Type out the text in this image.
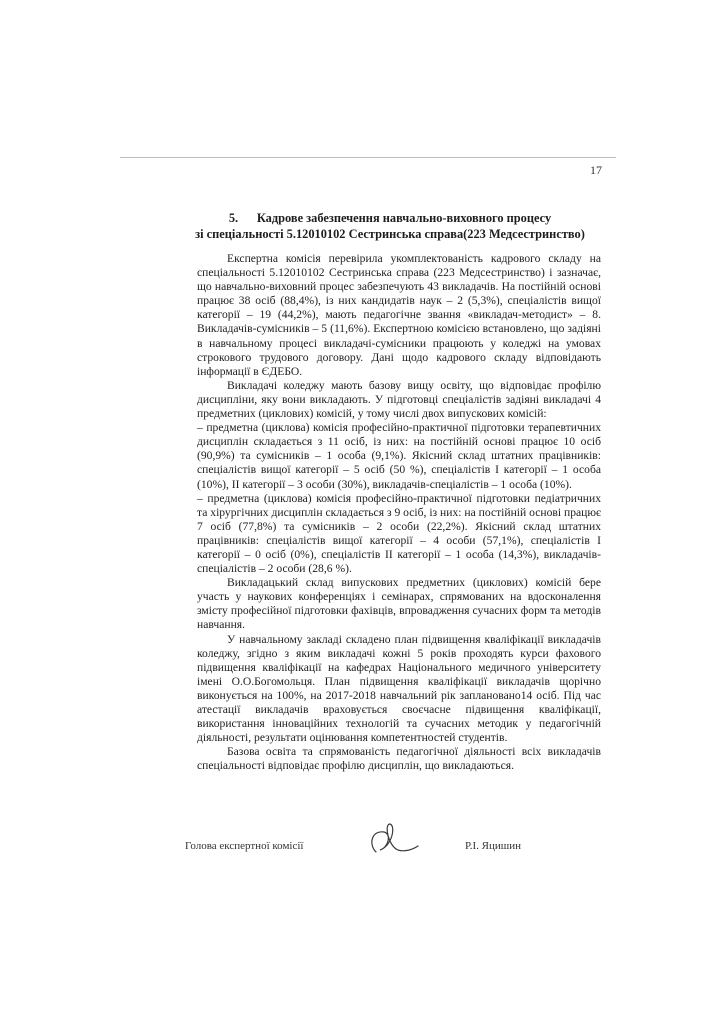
17
5. Кадрове забезпечення навчально-виховного процесу
зі спеціальності 5.12010102 Сестринська справа(223 Медсестринство)

Експертна комісія перевірила укомплектованість кадрового складу на спеціальності 5.12010102 Сестринська справа (223 Медсестринство) і зазначає, що навчально-виховний процес забезпечують 43 викладачів. На постійній основі працює 38 осіб (88,4%), із них кандидатів наук – 2 (5,3%), спеціалістів вищої категорії – 19 (44,2%), мають педагогічне звання «викладач-методист» – 8. Викладачів-сумісників – 5 (11,6%). Експертною комісією встановлено, що задіяні в навчальному процесі викладачі-сумісники працюють у коледжі на умовах строкового трудового договору. Дані щодо кадрового складу відповідають інформації в ЄДЕБО.

Викладачі коледжу мають базову вищу освіту, що відповідає профілю дисципліни, яку вони викладають. У підготовці спеціалістів задіяні викладачі 4 предметних (циклових) комісій, у тому числі двох випускових комісій:

– предметна (циклова) комісія професійно-практичної підготовки терапевтичних дисциплін складається з 11 осіб, із них: на постійній основі працює 10 осіб (90,9%) та сумісників – 1 особа (9,1%). Якісний склад штатних працівників: спеціалістів вищої категорії – 5 осіб (50 %), спеціалістів І категорії – 1 особа (10%), ІІ категорії – 3 особи (30%), викладачів-спеціалістів – 1 особа (10%).

– предметна (циклова) комісія професійно-практичної підготовки педіатричних та хірургічних дисциплін складається з 9 осіб, із них: на постійній основі працює 7 осіб (77,8%) та сумісників – 2 особи (22,2%). Якісний склад штатних працівників: спеціалістів вищої категорії – 4 особи (57,1%), спеціалістів І категорії – 0 осіб (0%), спеціалістів ІІ категорії – 1 особа (14,3%), викладачів-спеціалістів – 2 особи (28,6 %).

Викладацький склад випускових предметних (циклових) комісій бере участь у наукових конференціях і семінарах, спрямованих на вдосконалення змісту професійної підготовки фахівців, впровадження сучасних форм та методів навчання.

У навчальному закладі складено план підвищення кваліфікації викладачів коледжу, згідно з яким викладачі кожні 5 років проходять курси фахового підвищення кваліфікації на кафедрах Національного медичного університету імені О.О.Богомольця. План підвищення кваліфікації викладачів щорічно виконується на 100%, на 2017-2018 навчальний рік заплановано14 осіб. Під час атестації викладачів враховується своєчасне підвищення кваліфікації, використання інноваційних технологій та сучасних методик у педагогічній діяльності, результати оцінювання компетентностей студентів.

Базова освіта та спрямованість педагогічної діяльності всіх викладачів спеціальності відповідає профілю дисциплін, що викладаються.

Голова експертної комісії	Р.І. Яцишин
